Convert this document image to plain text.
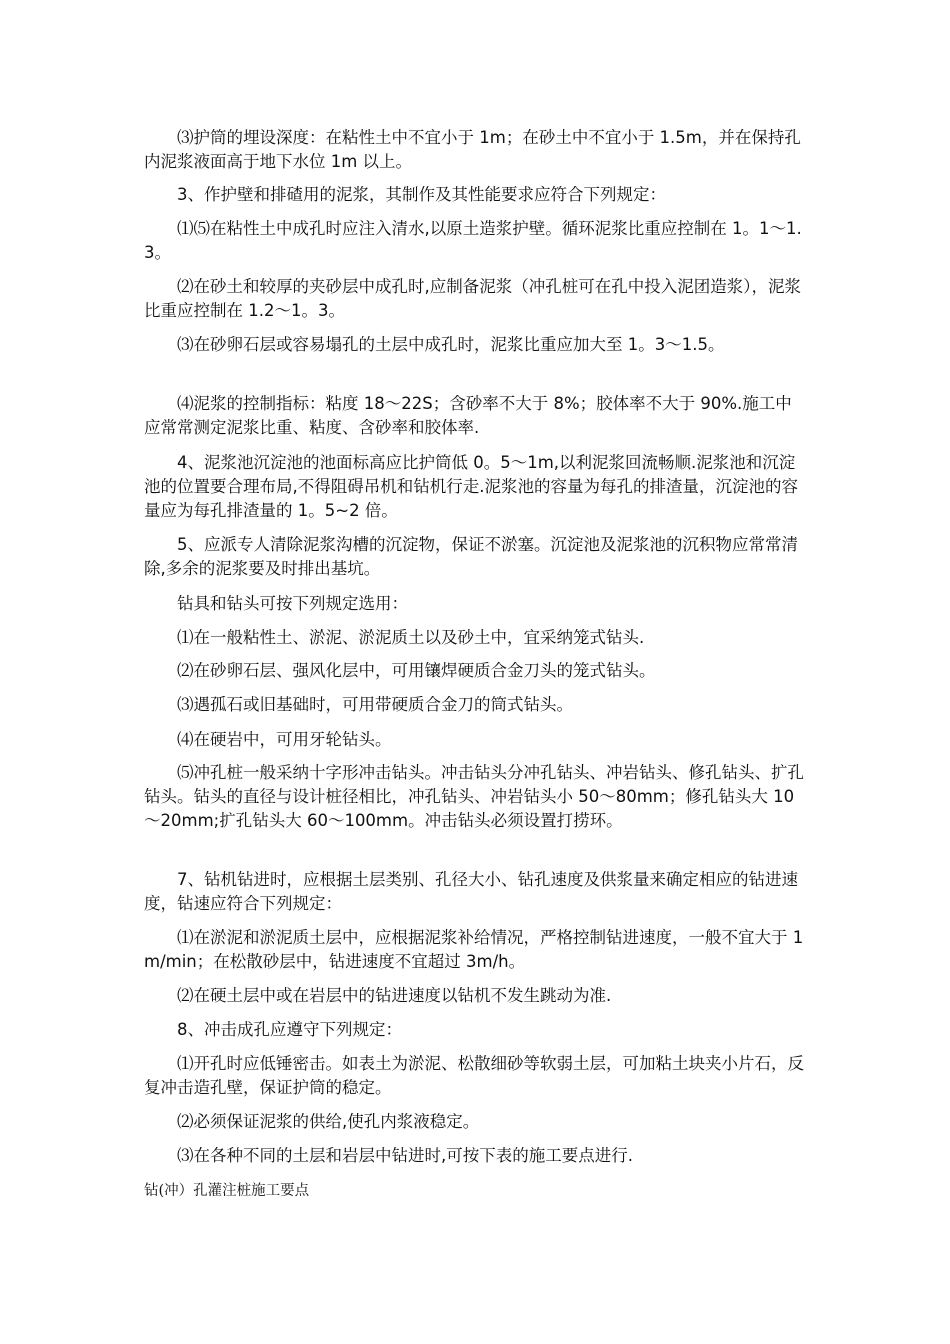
⑶护筒的埋设深度：在粘性土中不宜小于 1m；在砂土中不宜小于 1.5m，并在保持孔内泥浆液面高于地下水位 1m 以上。

3、作护壁和排碴用的泥浆，其制作及其性能要求应符合下列规定：

⑴⑸在粘性土中成孔时应注入清水,以原土造浆护壁。循环泥浆比重应控制在 1。1～1.3。

⑵在砂土和较厚的夹砂层中成孔时,应制备泥浆（冲孔桩可在孔中投入泥团造浆），泥浆比重应控制在 1.2～1。3。

⑶在砂卵石层或容易塌孔的土层中成孔时，泥浆比重应加大至 1。3～1.5。

⑷泥浆的控制指标：粘度 18～22S；含砂率不大于 8%；胶体率不大于 90%.施工中应常常测定泥浆比重、粘度、含砂率和胶体率.

4、泥浆池沉淀池的池面标高应比护筒低 0。5～1m,以利泥浆回流畅顺.泥浆池和沉淀池的位置要合理布局,不得阻碍吊机和钻机行走.泥浆池的容量为每孔的排渣量，沉淀池的容量应为每孔排渣量的 1。5~2 倍。

5、应派专人清除泥浆沟槽的沉淀物，保证不淤塞。沉淀池及泥浆池的沉积物应常常清除,多余的泥浆要及时排出基坑。

钻具和钻头可按下列规定选用：

⑴在一般粘性土、淤泥、淤泥质土以及砂土中，宜采纳笼式钻头.

⑵在砂卵石层、强风化层中，可用镶焊硬质合金刀头的笼式钻头。

⑶遇孤石或旧基础时，可用带硬质合金刀的筒式钻头。

⑷在硬岩中，可用牙轮钻头。

⑸冲孔桩一般采纳十字形冲击钻头。冲击钻头分冲孔钻头、冲岩钻头、修孔钻头、扩孔钻头。钻头的直径与设计桩径相比，冲孔钻头、冲岩钻头小 50～80mm；修孔钻头大 10～20mm;扩孔钻头大 60～100mm。冲击钻头必须设置打捞环。

7、钻机钻进时，应根据土层类别、孔径大小、钻孔速度及供浆量来确定相应的钻进速度，钻速应符合下列规定：

⑴在淤泥和淤泥质土层中，应根据泥浆补给情况，严格控制钻进速度，一般不宜大于 1m/min；在松散砂层中，钻进速度不宜超过 3m/h。

⑵在硬土层中或在岩层中的钻进速度以钻机不发生跳动为准.

8、冲击成孔应遵守下列规定：

⑴开孔时应低锤密击。如表土为淤泥、松散细砂等软弱土层，可加粘土块夹小片石，反复冲击造孔壁，保证护筒的稳定。

⑵必须保证泥浆的供给,使孔内浆液稳定。

⑶在各种不同的土层和岩层中钻进时,可按下表的施工要点进行.

钻(冲）孔灌注桩施工要点
